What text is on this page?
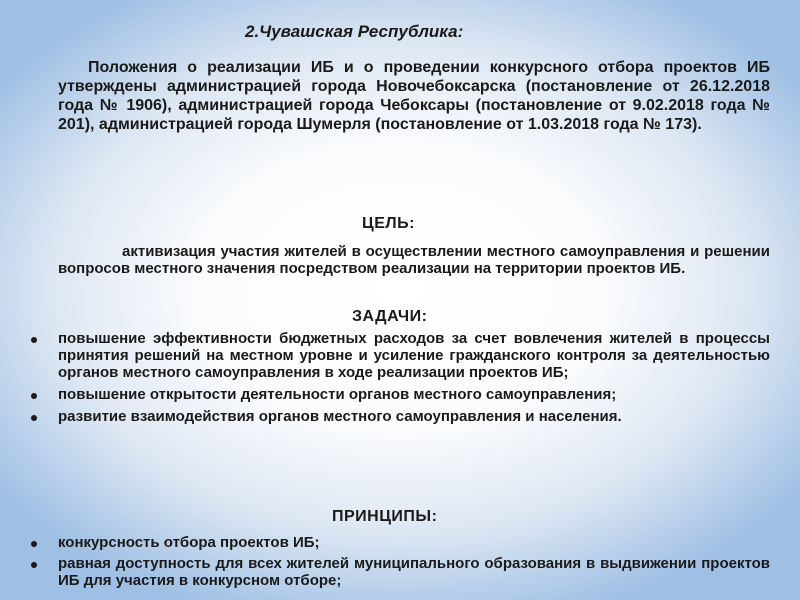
2.Чувашская Республика:

Положения о реализации ИБ и о проведении конкурсного отбора проектов ИБ утверждены администрацией города Новочебоксарска (постановление от 26.12.2018 года № 1906), администрацией города Чебоксары (постановление от 9.02.2018 года № 201), администрацией города Шумерля (постановление от 1.03.2018 года № 173).

ЦЕЛЬ:

активизация участия жителей в осуществлении местного самоуправления и решении вопросов местного значения посредством реализации на территории проектов ИБ.

ЗАДАЧИ:
повышение эффективности бюджетных расходов за счет вовлечения жителей в процессы принятия решений на местном уровне и усиление гражданского контроля за деятельностью органов местного самоуправления в ходе реализации проектов ИБ;
повышение открытости деятельности органов местного самоуправления;
развитие взаимодействия органов местного самоуправления и населения.
ПРИНЦИПЫ:
конкурсность отбора проектов ИБ;
равная доступность для всех жителей муниципального образования в выдвижении проектов ИБ для участия в конкурсном отборе;
